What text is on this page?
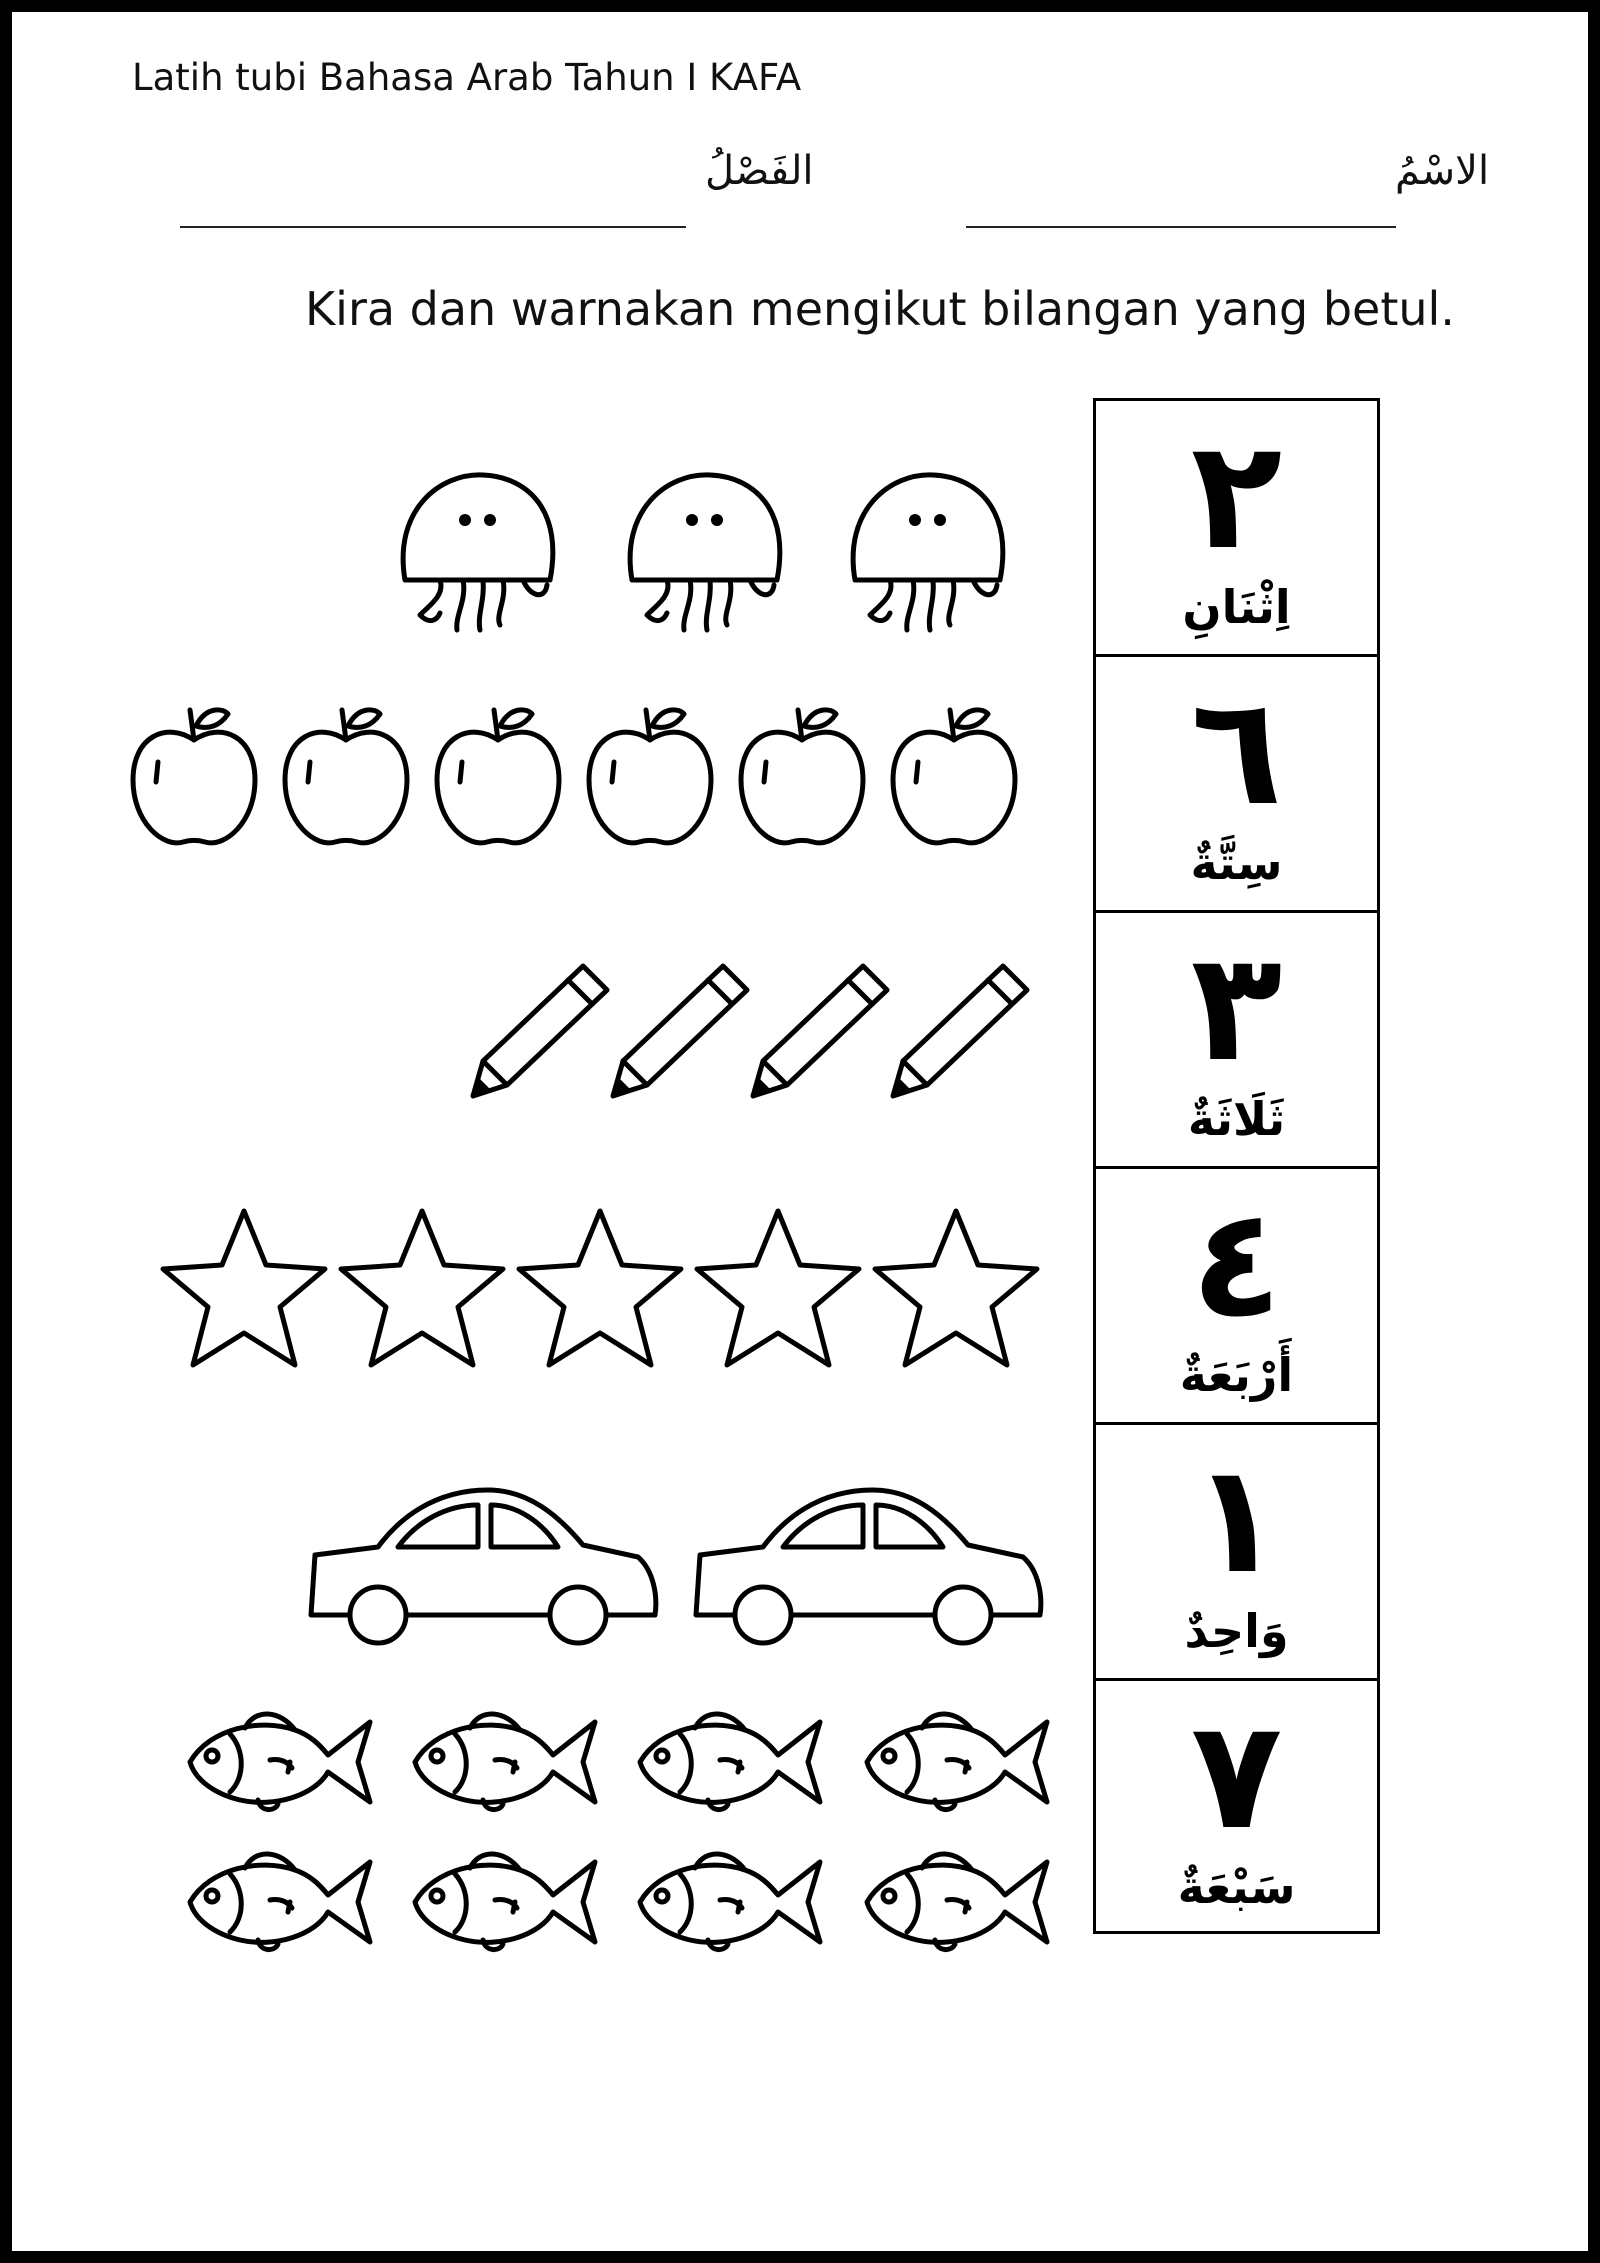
Latih tubi Bahasa Arab Tahun I KAFA
الاسْمُ
الفَصْلُ
Kira dan warnakan mengikut bilangan yang betul.
٢
اِثْنَانِ
٦
سِتَّةٌ
٣
ثَلَاثَةٌ
٤
أَرْبَعَةٌ
١
وَاحِدٌ
٧
سَبْعَةٌ
